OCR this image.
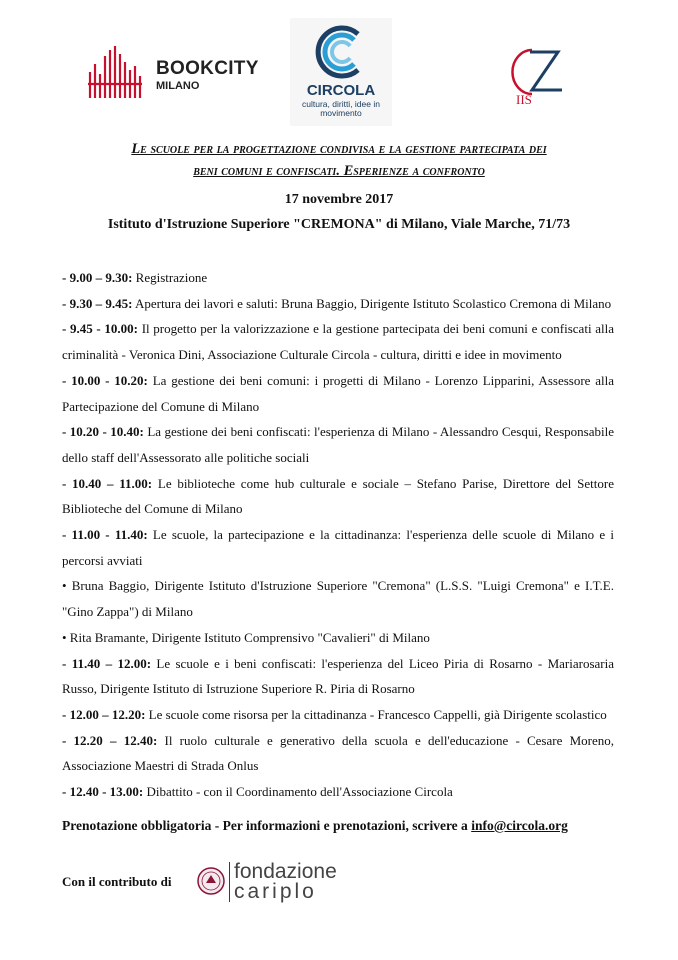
BOOKCITY
MILANO	CIRCOLA
cultura, diritti, idee in movimento
IIS
Le scuole per la progettazione condivisa e la gestione partecipata dei
beni comuni e confiscati. Esperienze a confronto
17 novembre 2017
Istituto d'Istruzione Superiore "CREMONA" di Milano, Viale Marche, 71/73
- 9.00 – 9.30: Registrazione
- 9.30 – 9.45: Apertura dei lavori e saluti: Bruna Baggio, Dirigente Istituto Scolastico Cremona di Milano
- 9.45 - 10.00: Il progetto per la valorizzazione e la gestione partecipata dei beni comuni e confiscati alla criminalità - Veronica Dini, Associazione Culturale Circola - cultura, diritti e idee in movimento
- 10.00 - 10.20: La gestione dei beni comuni: i progetti di Milano - Lorenzo Lipparini, Assessore alla Partecipazione del Comune di Milano
- 10.20 - 10.40: La gestione dei beni confiscati: l'esperienza di Milano - Alessandro Cesqui, Responsabile dello staff dell'Assessorato alle politiche sociali
- 10.40 – 11.00: Le biblioteche come hub culturale e sociale – Stefano Parise, Direttore del Settore Biblioteche del Comune di Milano
- 11.00 - 11.40: Le scuole, la partecipazione e la cittadinanza: l'esperienza delle scuole di Milano e i percorsi avviati
• Bruna Baggio, Dirigente Istituto d'Istruzione Superiore "Cremona" (L.S.S. "Luigi Cremona" e I.T.E. "Gino Zappa") di Milano
• Rita Bramante, Dirigente Istituto Comprensivo "Cavalieri" di Milano
- 11.40 – 12.00: Le scuole e i beni confiscati: l'esperienza del Liceo Piria di Rosarno - Mariarosaria Russo, Dirigente Istituto di Istruzione Superiore R. Piria di Rosarno
- 12.00 – 12.20: Le scuole come risorsa per la cittadinanza - Francesco Cappelli, già Dirigente scolastico
- 12.20 – 12.40: Il ruolo culturale e generativo della scuola e dell'educazione - Cesare Moreno, Associazione Maestri di Strada Onlus
- 12.40 - 13.00: Dibattito - con il Coordinamento dell'Associazione Circola
Prenotazione obbligatoria - Per informazioni e prenotazioni, scrivere a info@circola.org
Con il contributo di	fondazione
cariplo
